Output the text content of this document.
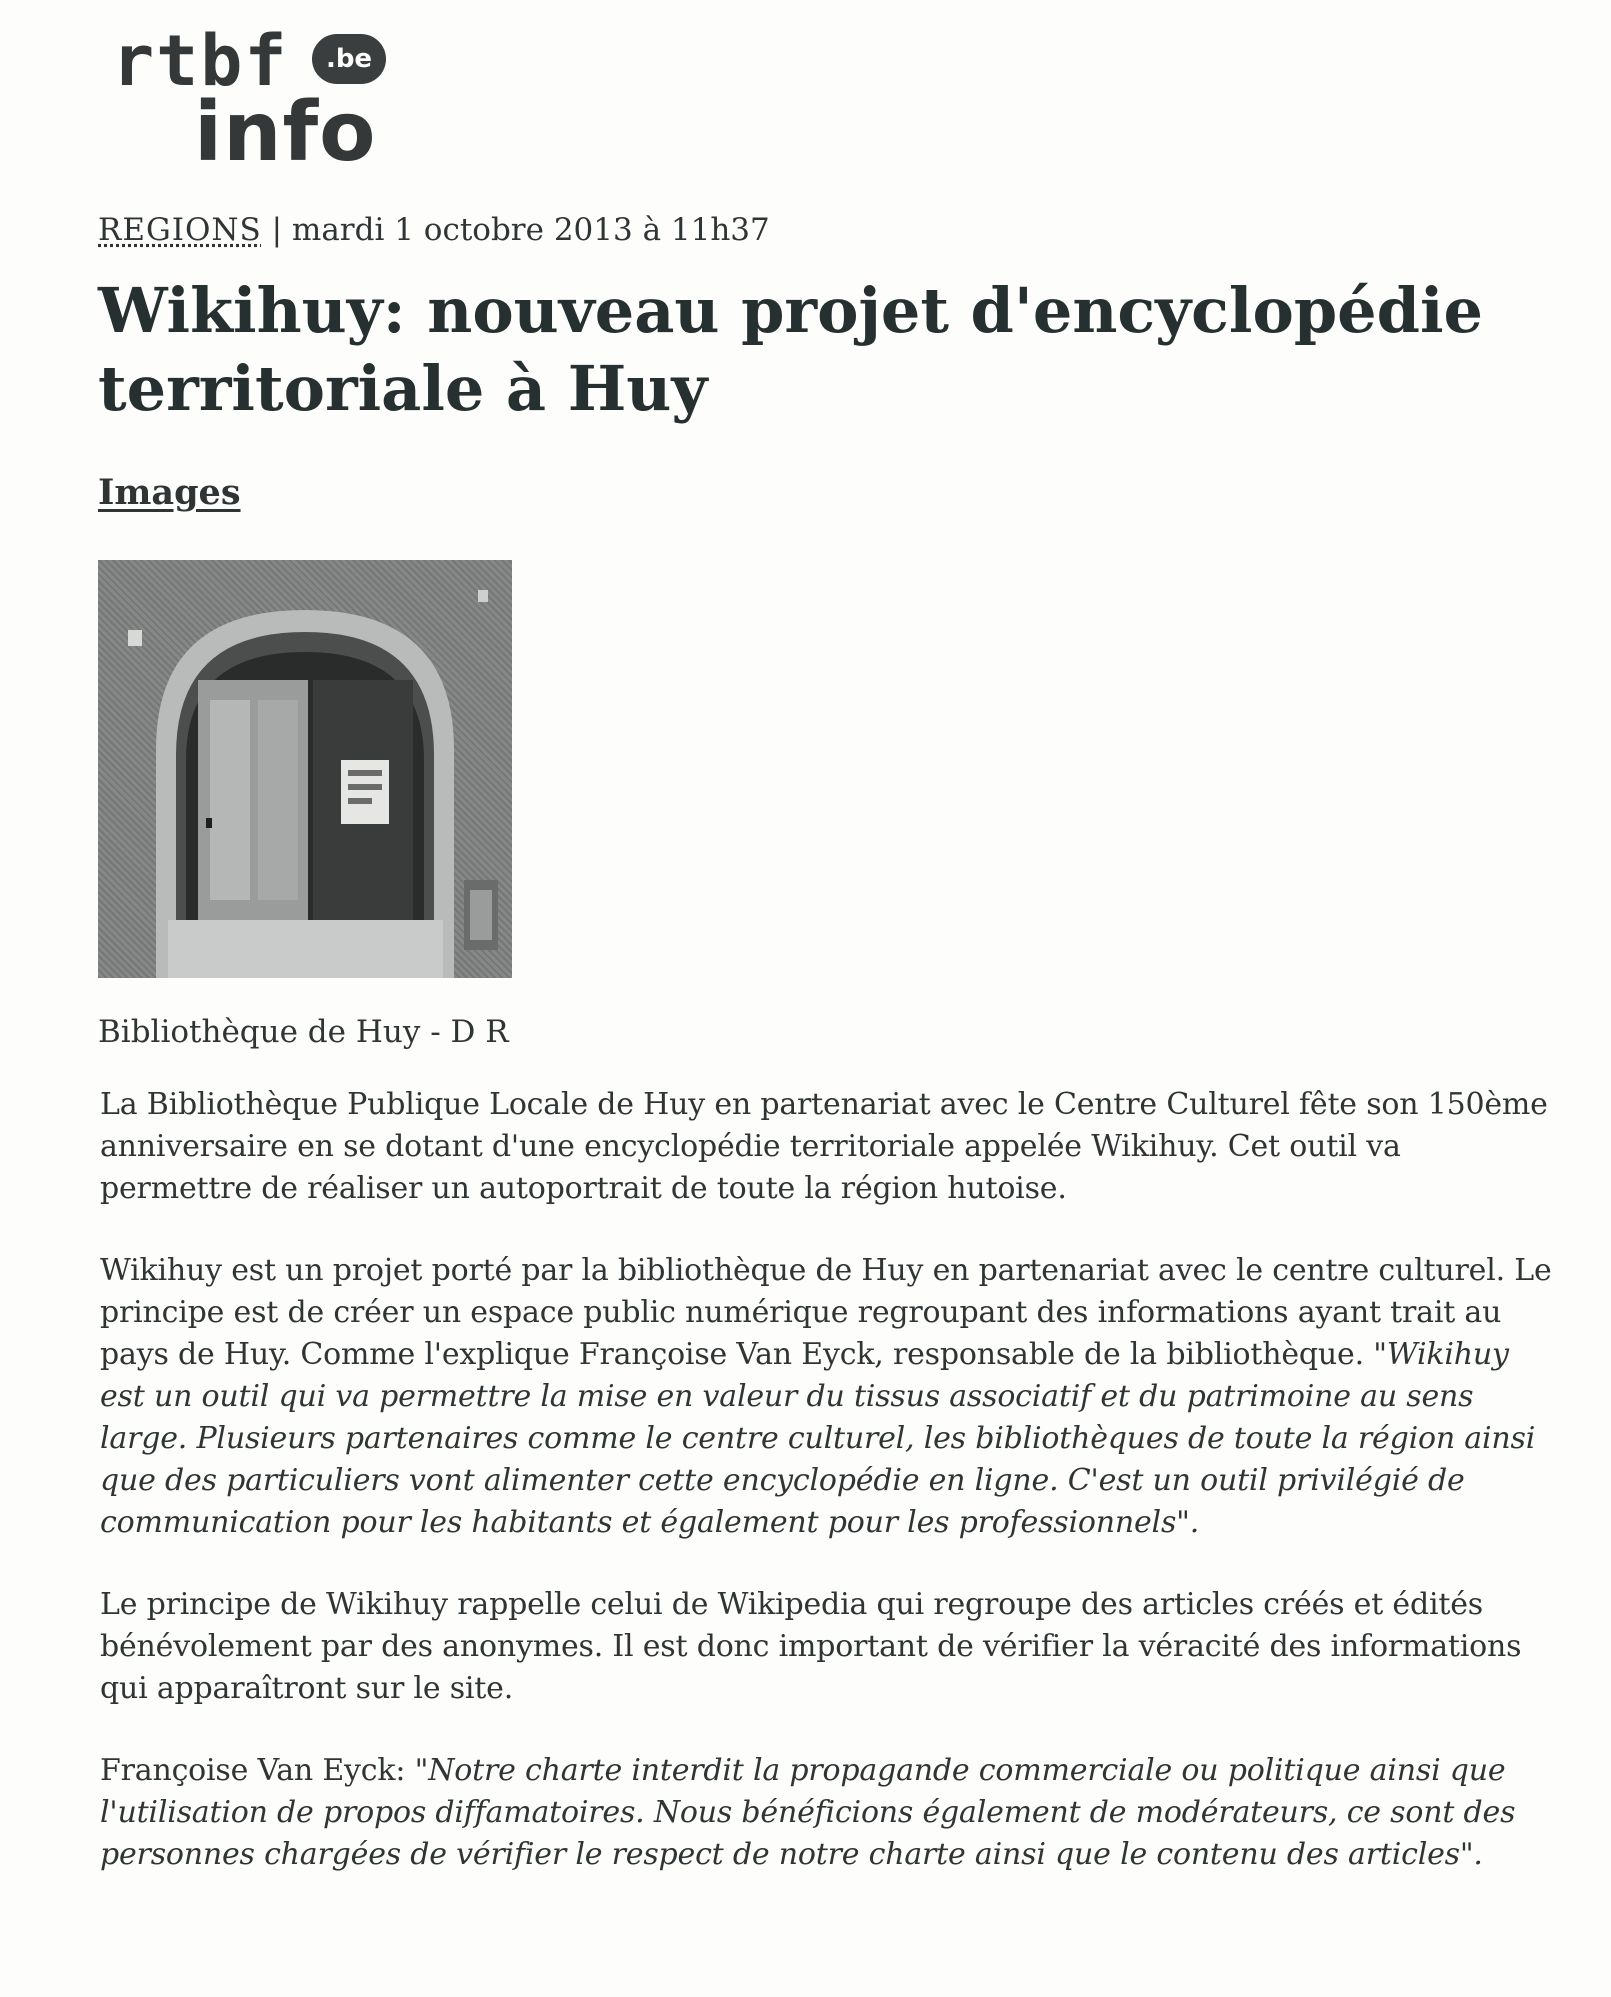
rtbf	.be
info
REGIONS | mardi 1 octobre 2013 à 11h37
Wikihuy: nouveau projet d'encyclopédie territoriale à Huy
Images
Bibliothèque de Huy - D R

La Bibliothèque Publique Locale de Huy en partenariat avec le Centre Culturel fête son 150ème anniversaire en se dotant d'une encyclopédie territoriale appelée Wikihuy. Cet outil va permettre de réaliser un autoportrait de toute la région hutoise.

Wikihuy est un projet porté par la bibliothèque de Huy en partenariat avec le centre culturel. Le principe est de créer un espace public numérique regroupant des informations ayant trait au pays de Huy. Comme l'explique Françoise Van Eyck, responsable de la bibliothèque. "Wikihuy est un outil qui va permettre la mise en valeur du tissus associatif et du patrimoine au sens large. Plusieurs partenaires comme le centre culturel, les bibliothèques de toute la région ainsi que des particuliers vont alimenter cette encyclopédie en ligne. C'est un outil privilégié de communication pour les habitants et également pour les professionnels".

Le principe de Wikihuy rappelle celui de Wikipedia qui regroupe des articles créés et édités bénévolement par des anonymes. Il est donc important de vérifier la véracité des informations qui apparaîtront sur le site.

Françoise Van Eyck: "Notre charte interdit la propagande commerciale ou politique ainsi que l'utilisation de propos diffamatoires. Nous bénéficions également de modérateurs, ce sont des personnes chargées de vérifier le respect de notre charte ainsi que le contenu des articles".
